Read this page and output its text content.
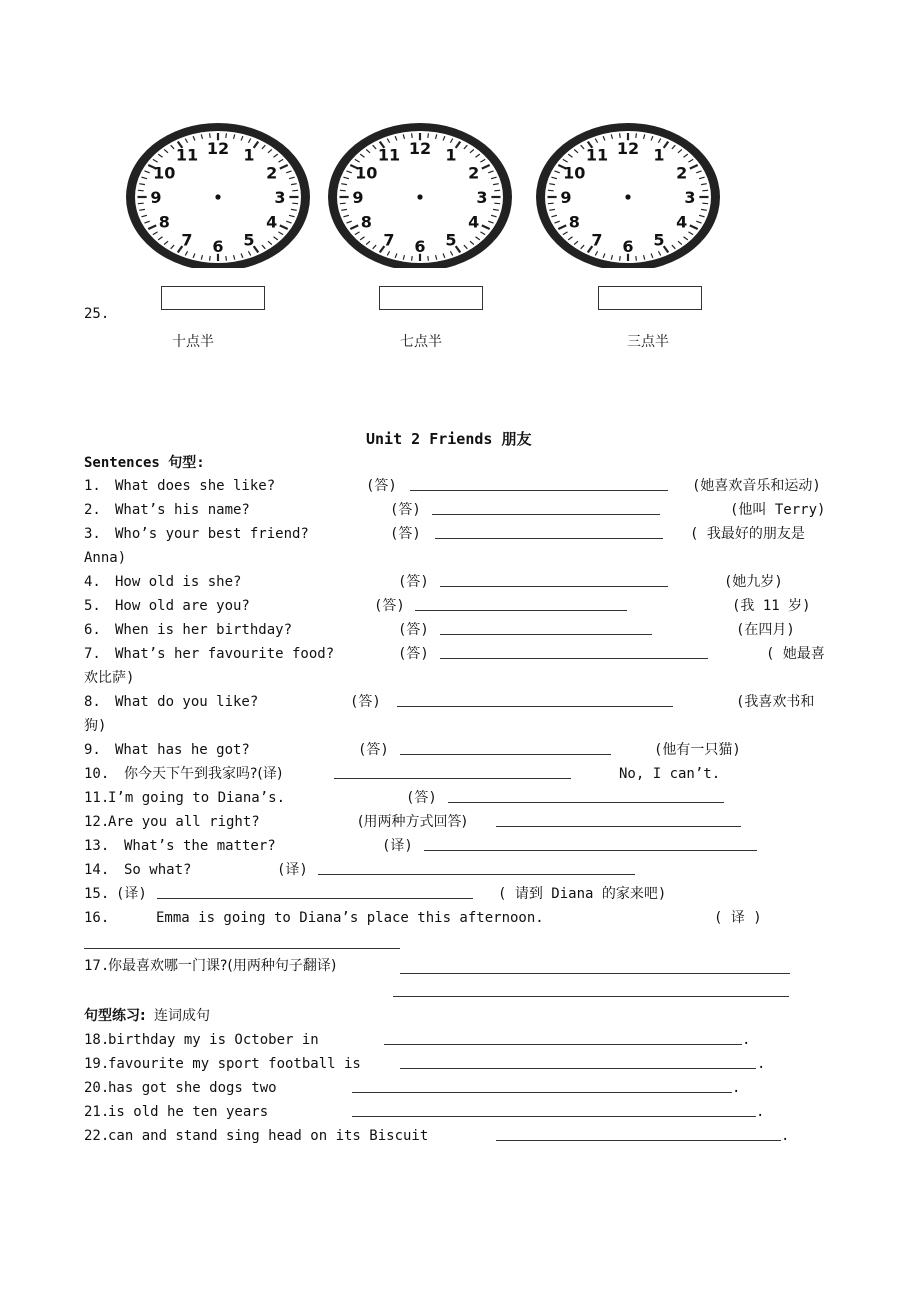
12 1
2
3
4
5
6
7
8
9
10
11	12 1
2
3
4
5
6
7
8
9
10
11	12 1
2
3
4
5
6
7
8
9
10
11
25.
十点半	七点半	三点半
Unit 2 Friends 朋友
Sentences 句型:
1. What does she like?	(答)	(她喜欢音乐和运动)
2. What’s his name?	(答)	(他叫 Terry)
3. Who’s your best friend?	(答)	( 我最好的朋友是
Anna)
4. How old is she?	(答)	(她九岁)
5. How old are you?	(答)	(我 11 岁)
6. When is her birthday?	(答)	(在四月)
7. What’s her favourite food?	(答)	( 她最喜
欢比萨)
8. What do you like?	(答)	(我喜欢书和
狗)
9. What has he got?	(答)	(他有一只猫)
10. 你今天下午到我家吗?(译)	No, I can’t.
11.
I’m going to Diana’s.	(答)
12.
Are you all right?	(用两种方式回答)
13. What’s the matter?	(译)
14. So what?	(译)
15. (译)	( 请到 Diana 的家来吧)
16.	Emma is going to Diana’s place this afternoon.	( 译 )
17.
你最喜欢哪一门课?(用两种句子翻译)
句型练习: 连词成句
18.
birthday my is October in	.
19.
favourite my sport football is	.
20.
has got she dogs two	.
21.
is old he ten years	.
22.
can and stand sing head on its Biscuit	.
